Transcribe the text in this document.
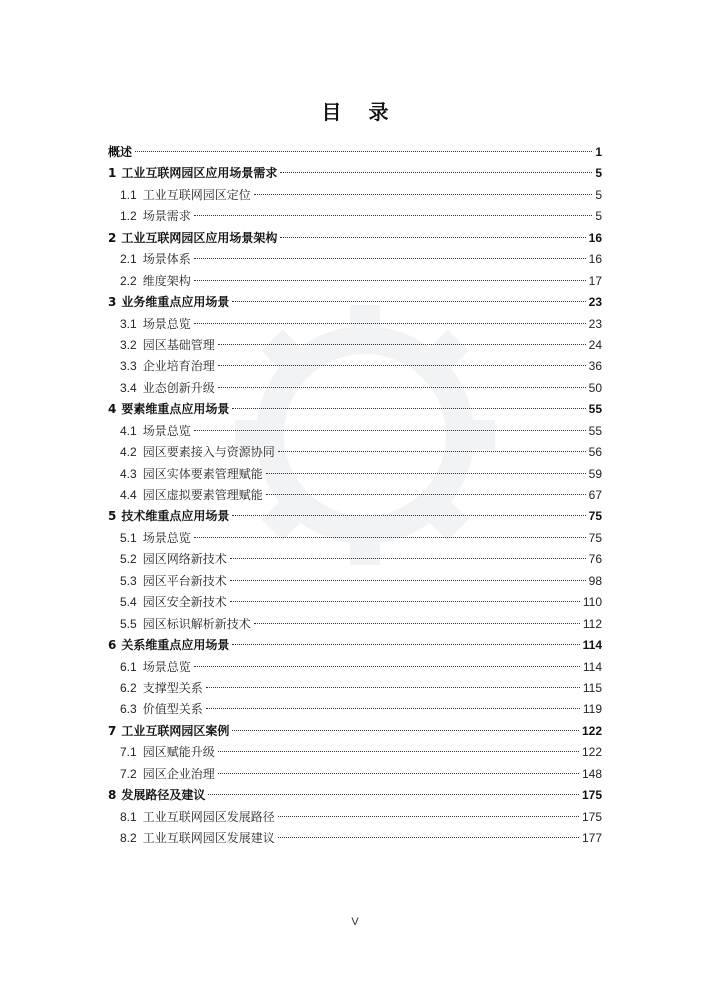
目 录
概述	1
1 工业互联网园区应用场景需求	5
1.1 工业互联网园区定位	5
1.2 场景需求	5
2 工业互联网园区应用场景架构	16
2.1 场景体系	16
2.2 维度架构	17
3 业务维重点应用场景	23
3.1 场景总览	23
3.2 园区基础管理	24
3.3 企业培育治理	36
3.4 业态创新升级	50
4 要素维重点应用场景	55
4.1 场景总览	55
4.2 园区要素接入与资源协同	56
4.3 园区实体要素管理赋能	59
4.4 园区虚拟要素管理赋能	67
5 技术维重点应用场景	75
5.1 场景总览	75
5.2 园区网络新技术	76
5.3 园区平台新技术	98
5.4 园区安全新技术	110
5.5 园区标识解析新技术	112
6 关系维重点应用场景	114
6.1 场景总览	114
6.2 支撑型关系	115
6.3 价值型关系	119
7 工业互联网园区案例	122
7.1 园区赋能升级	122
7.2 园区企业治理	148
8 发展路径及建议	175
8.1 工业互联网园区发展路径	175
8.2 工业互联网园区发展建议	177
V
